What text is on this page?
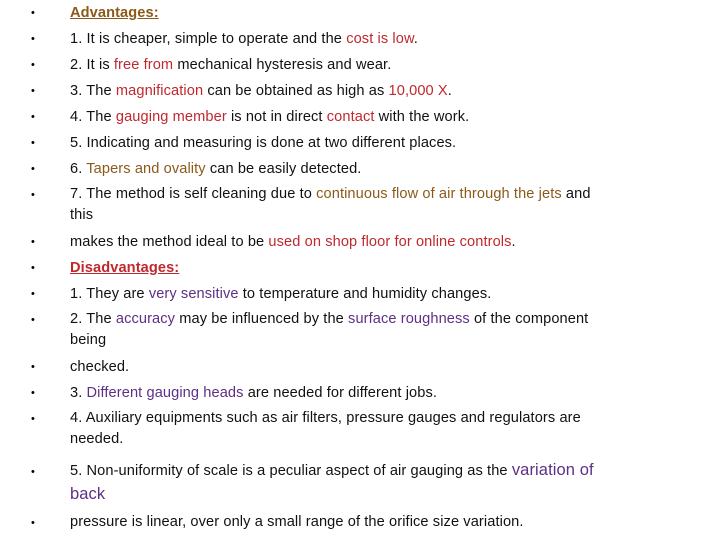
• Advantages:
• 1. It is cheaper, simple to operate and the cost is low.
• 2. It is free from mechanical hysteresis and wear.
• 3. The magnification can be obtained as high as 10,000 X.
• 4. The gauging member is not in direct contact with the work.
• 5. Indicating and measuring is done at two different places.
• 6. Tapers and ovality can be easily detected.
• 7. The method is self cleaning due to continuous flow of air through the jets and
this
• makes the method ideal to be used on shop floor for online controls.
• Disadvantages:
• 1. They are very sensitive to temperature and humidity changes.
• 2. The accuracy may be influenced by the surface roughness of the component
being
• checked.
• 3. Different gauging heads are needed for different jobs.
• 4. Auxiliary equipments such as air filters, pressure gauges and regulators are
needed.
• 5. Non-uniformity of scale is a peculiar aspect of air gauging as the variation of
back
• pressure is linear, over only a small range of the orifice size variation.
